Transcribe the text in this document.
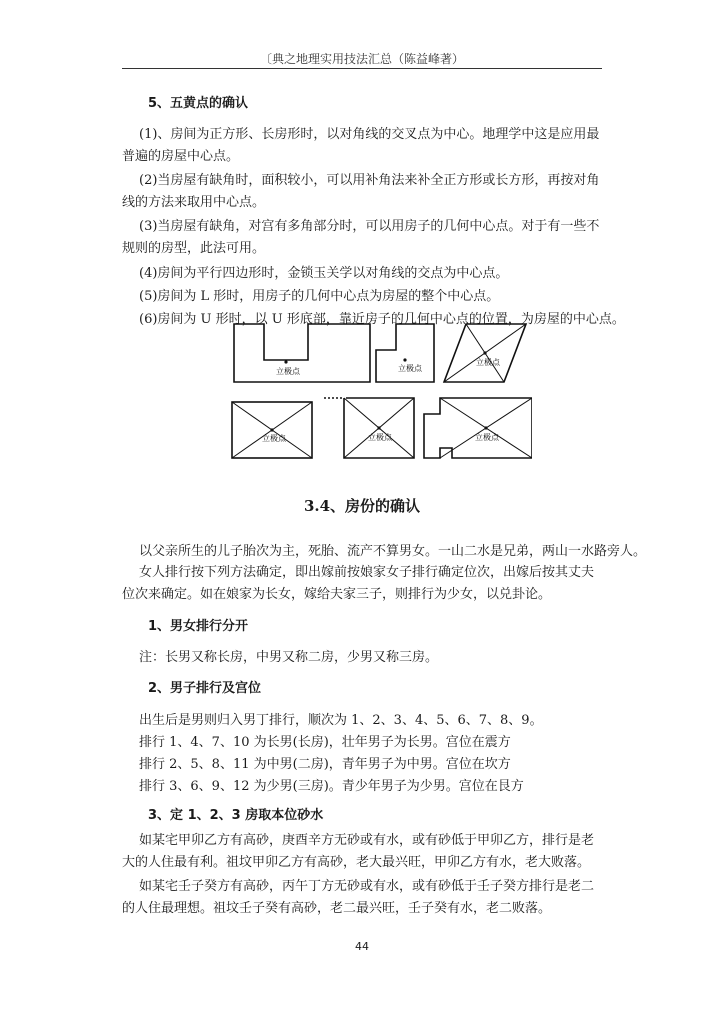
〔典之地理实用技法汇总（陈益峰著）
5、五黄点的确认
(1)、房间为正方形、长房形时，以对角线的交叉点为中心。地理学中这是应用最普遍的房屋中心点。
(2)当房屋有缺角时，面积较小，可以用补角法来补全正方形或长方形，再按对角线的方法来取用中心点。
(3)当房屋有缺角，对宫有多角部分时，可以用房子的几何中心点。对于有一些不规则的房型，此法可用。
(4)房间为平行四边形时，金锁玉关学以对角线的交点为中心点。
(5)房间为 L 形时，用房子的几何中心点为房屋的整个中心点。
(6)房间为 U 形时，以 U 形底部，靠近房子的几何中心点的位置，为房屋的中心点。
立极点	立极点
立极点
立极点	立极点	立极点
3.4、房份的确认
以父亲所生的儿子胎次为主，死胎、流产不算男女。一山二水是兄弟，两山一水路旁人。
女人排行按下列方法确定，即出嫁前按娘家女子排行确定位次，出嫁后按其丈夫位次来确定。如在娘家为长女，嫁给夫家三子，则排行为少女，以兑卦论。
1、男女排行分开
注：长男又称长房，中男又称二房，少男又称三房。
2、男子排行及宫位
出生后是男则归入男丁排行，顺次为 1、2、3、4、5、6、7、8、9。
排行 1、4、7、10 为长男(长房)，壮年男子为长男。宫位在震方
排行 2、5、8、11 为中男(二房)，青年男子为中男。宫位在坎方
排行 3、6、9、12 为少男(三房)。青少年男子为少男。宫位在艮方
3、定 1、2、3 房取本位砂水
如某宅甲卯乙方有高砂，庚酉辛方无砂或有水，或有砂低于甲卯乙方，排行是老大的人住最有利。祖坟甲卯乙方有高砂，老大最兴旺，甲卯乙方有水，老大败落。
如某宅壬子癸方有高砂，丙午丁方无砂或有水，或有砂低于壬子癸方排行是老二的人住最理想。祖坟壬子癸有高砂，老二最兴旺，壬子癸有水，老二败落。
44
